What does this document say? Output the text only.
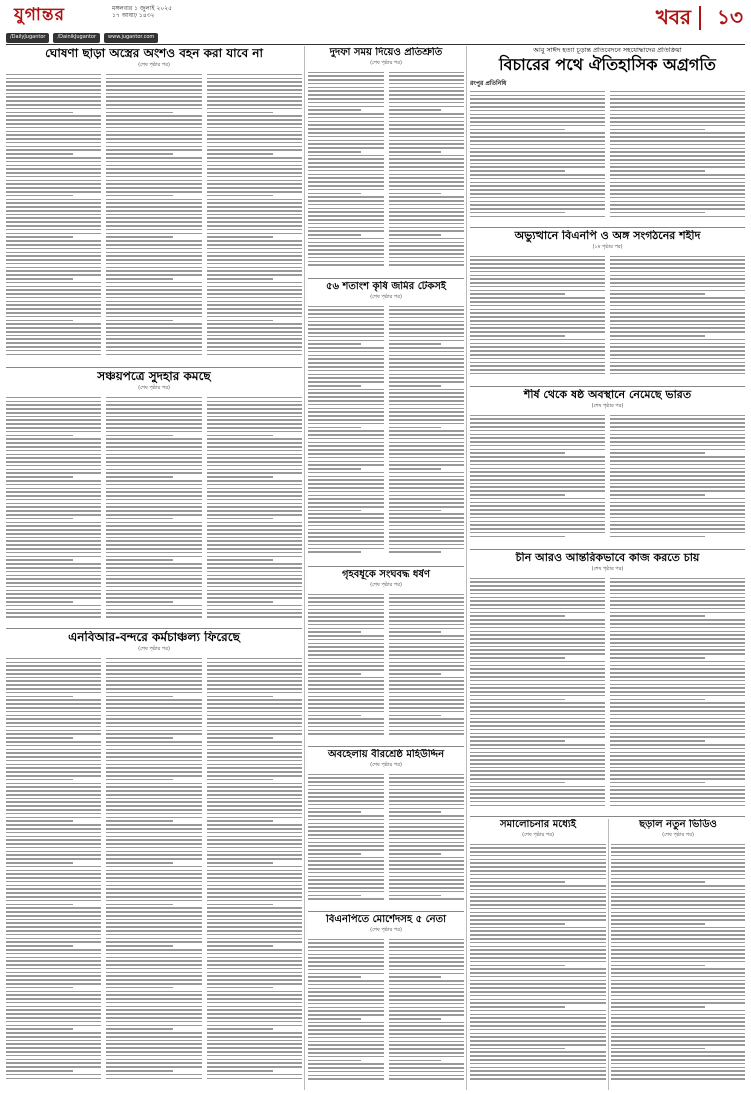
যুগান্তর	মঙ্গলবার ১ জুলাই ২০২৫
১৭ আষাঢ় ১৪৩২	খবর ১৩
/DailyJugantor	/DainikJugantor	www.jugantor.com
ঘোষণা ছাড়া অস্ত্রের অংশও বহন করা যাবে না
(শেষ পৃষ্ঠার পর)
সঞ্চয়পত্রে সুদহার কমছে
(শেষ পৃষ্ঠার পর)
এনবিআর-বন্দরে কর্মচাঞ্চল্য ফিরেছে
(শেষ পৃষ্ঠার পর)
দুদফা সময় দিয়েও প্রতিশ্রুতি
(শেষ পৃষ্ঠার পর)
৫৬ শতাংশ কৃষি জমির টেকসই
(শেষ পৃষ্ঠার পর)
গৃহবধূকে সংঘবদ্ধ ধর্ষণ
(শেষ পৃষ্ঠার পর)
অবহেলায় বীরশ্রেষ্ঠ মহিউদ্দিন
(শেষ পৃষ্ঠার পর)
বিএনপিতে মোর্শেদসহ ৫ নেতা
(শেষ পৃষ্ঠার পর)
আবু সাঈদ হত্যা চূড়ান্ত প্রতিবেদনে সহযোদ্ধাদের প্রতিক্রিয়া
বিচারের পথে ঐতিহাসিক অগ্রগতি
রংপুর প্রতিনিধি
অভ্যুত্থানে বিএনপি ও অঙ্গ সংগঠনের শহীদ
(১ম পৃষ্ঠার পর)
শীর্ষ থেকে ষষ্ঠ অবস্থানে নেমেছে ভারত
(শেষ পৃষ্ঠার পর)
চীন আরও আন্তরিকভাবে কাজ করতে চায়
(শেষ পৃষ্ঠার পর)
সমালোচনার মধ্যেই
(শেষ পৃষ্ঠার পর)
ছড়াল নতুন ভিডিও
(শেষ পৃষ্ঠার পর)
